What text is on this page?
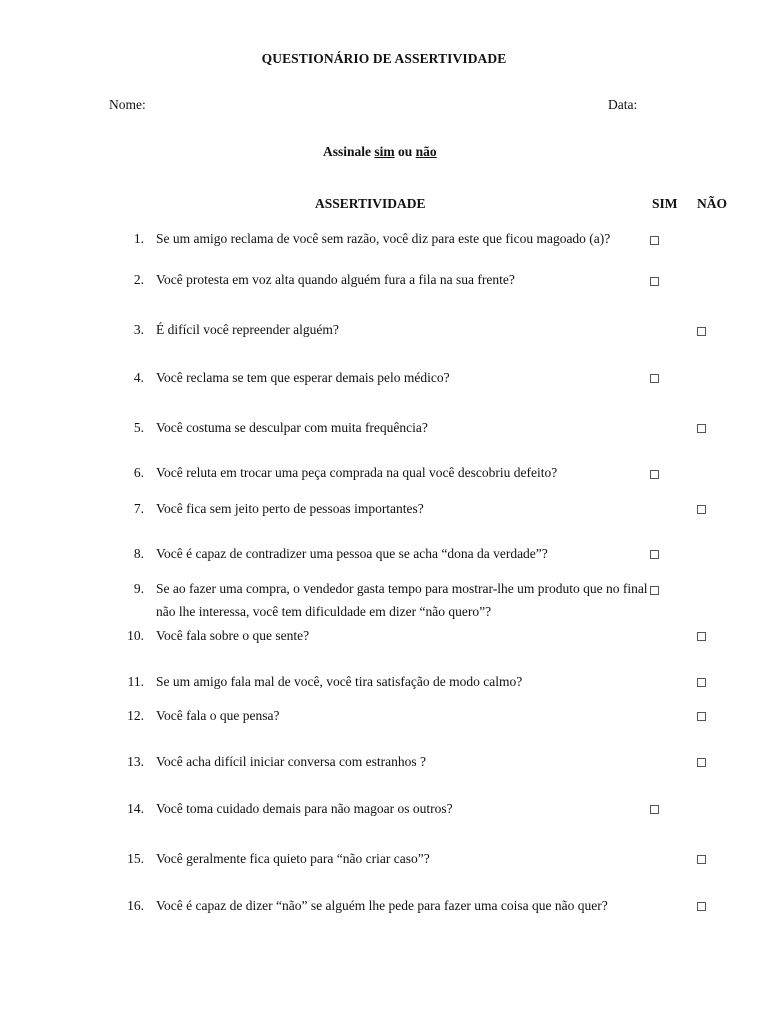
QUESTIONÁRIO DE ASSERTIVIDADE
Nome:	Data:
Assinale sim ou não
ASSERTIVIDADE	SIM NÃO
1. Se um amigo reclama de você sem razão, você diz para este que ficou magoado (a)?
2. Você protesta em voz alta quando alguém fura a fila na sua frente?
3. É difícil você repreender alguém?
4. Você reclama se tem que esperar demais pelo médico?
5. Você costuma se desculpar com muita frequência?
6. Você reluta em trocar uma peça comprada na qual você descobriu defeito?
7. Você fica sem jeito perto de pessoas importantes?
8. Você é capaz de contradizer uma pessoa que se acha “dona da verdade”?
9. Se ao fazer uma compra, o vendedor gasta tempo para mostrar-lhe um produto que no final não lhe interessa, você tem dificuldade em dizer “não quero”?
10. Você fala sobre o que sente?
11. Se um amigo fala mal de você, você tira satisfação de modo calmo?
12. Você fala o que pensa?
13. Você acha difícil iniciar conversa com estranhos ?
14. Você toma cuidado demais para não magoar os outros?
15. Você geralmente fica quieto para “não criar caso”?
16. Você é capaz de dizer “não” se alguém lhe pede para fazer uma coisa que não quer?
